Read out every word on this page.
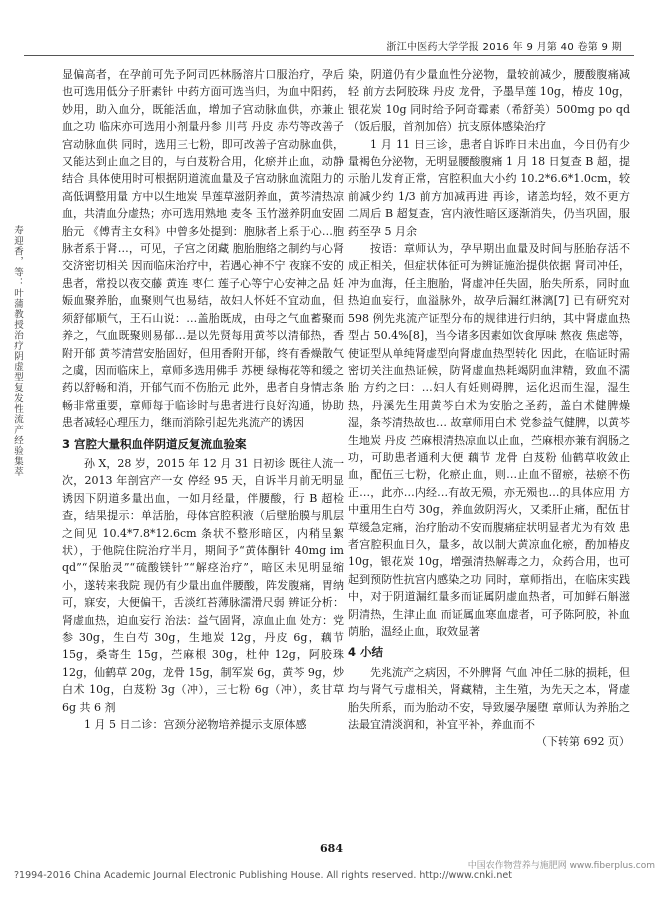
浙江中医药大学学报 2016 年 9 月第 40 卷第 9 期
寿迎香，等：叶蒲教授治疗阴虚型复发性流产经验集萃

显偏高者，在孕前可先予阿司匹林肠溶片口服治疗，孕后也可选用低分子肝素针 中药方面可选当归，为血中阳药，妙用，助入血分，既能活血，增加子宫动脉血供，亦兼止血之功 临床亦可选用小剂量丹参 川芎 丹皮 赤芍等改善子宫动脉血供 同时，选用三七粉，即可改善子宫动脉血供，又能达到止血之目的，与白芨粉合用，化瘀并止血，动静结合 具体使用时可根据阴道流血量及子宫动脉血流阻力的高低调整用量 方中以生地炭 旱莲草滋阴养血，黄芩清热凉血，共清血分虚热；亦可选用熟地 麦冬 玉竹滋养阴血安固胎元 《傅青主女科》中曾多处提到：胞脉者上系于心…胞脉者系于肾…，可见，子宫之闭藏 胞胎胞络之制约与心肾交济密切相关 因而临床治疗中，若遇心神不宁 夜寐不安的患者，常投以夜交藤 黄连 枣仁 莲子心等宁心安神之品 妊娠血聚养胎，血聚则气也易结，故妇人怀妊不宜动血，但须舒郁顺气，王石山说：…盖胎既成，由母之气血蓄聚而养之，气血既聚则易郁…是以先贤每用黄芩以清郁热，香附开郁 黄芩清营安胎固好，但用香附开郁，终有香燥散气之虞，因而临床上，章师多选用佛手 苏梗 绿梅花等和缓之药以舒畅和消，开郁气而不伤胎元 此外，患者自身情志条畅非常重要，章师每于临诊时与患者进行良好沟通，协助患者减轻心理压力，继而消除引起先兆流产的诱因

3 宫腔大量积血伴阴道反复流血验案

孙 X，28 岁，2015 年 12 月 31 日初诊 既往人流一次，2013 年剖宫产一女 停经 95 天，自诉半月前无明显诱因下阴道多量出血，一如月经量，伴腰酸，行 B 超检查，结果提示：单活胎，母体宫腔积液（后壁胎膜与肌层之间见 10.4*7.8*12.6cm 条状不整形暗区，内稍呈絮状），于他院住院治疗半月，期间予“黄体酮针 40mg im qd”“保胎灵”“硫酸镁针”“解痉治疗”，暗区未见明显缩小，遂转来我院 现仍有少量出血伴腰酸，阵发腹痛，胃纳可，寐安，大便偏干，舌淡红苔薄脉濡滑尺弱 辨证分析：肾虚血热，迫血妄行 治法：益气固肾，凉血止血 处方：党参 30g，生白芍 30g，生地炭 12g，丹皮 6g，藕节 15g，桑寄生 15g，苎麻根 30g，杜仲 12g，阿胶珠 12g，仙鹤草 20g，龙骨 15g，制军炭 6g，黄芩 9g，炒白术 10g，白芨粉 3g（冲），三七粉 6g（冲），炙甘草 6g 共 6 剂

1 月 5 日二诊：宫颈分泌物培养提示支原体感

染，阴道仍有少量血性分泌物，量较前减少，腰酸腹痛减轻 前方去阿胶珠 丹皮 龙骨，予墨旱莲 10g，椿皮 10g，银花炭 10g 同时给予阿奇霉素（希舒美）500mg po qd（饭后服，首剂加倍）抗支原体感染治疗

1 月 11 日三诊，患者自诉昨日未出血，今日仍有少量褐色分泌物，无明显腰酸腹痛 1 月 18 日复查 B 超，提示胎儿发育正常，宫腔积血大小约 10.2*6.6*1.0cm，较前减少约 1/3 前方加减再进 再诊，诸恙均轻，效不更方 二周后 B 超复查，宫内液性暗区逐渐消失，仍当巩固，服药至孕 5 月余

按语：章师认为，孕早期出血量及时间与胚胎存活不成正相关，但症状体征可为辨证施治提供依据 肾司冲任，冲为血海，任主胞胎，肾虚冲任失固，胎失所系，同时血热迫血妄行，血溢脉外，故孕后漏红淋漓[7] 已有研究对 598 例先兆流产证型分布的规律进行归纳，其中肾虚血热型占 50.4%[8]，当今诸多因素如饮食厚味 熬夜 焦虑等，使证型从单纯肾虚型向肾虚血热型转化 因此，在临证时需密切关注血热证候，防肾虚血热耗竭阴血津精，致血不濡胎 方约之曰：…妇人有妊则碍脾，运化迟而生湿，湿生热，丹溪先生用黄芩白术为安胎之圣药，盖白术健脾燥湿，条芩清热故也… 故章师用白术 党参益气健脾，以黄芩 生地炭 丹皮 苎麻根清热凉血以止血，苎麻根亦兼有润肠之功，可助患者通利大便 藕节 龙骨 白芨粉 仙鹤草收敛止血，配伍三七粉，化瘀止血，则…止血不留瘀，祛瘀不伤正…，此亦…内经…有故无殒，亦无殒也…的具体应用 方中重用生白芍 30g，养血敛阴泻火，又柔肝止痛，配伍甘草缓急定痛，治疗胎动不安而腹痛症状明显者尤为有效 患者宫腔积血日久，量多，故以制大黄凉血化瘀，酌加椿皮 10g，银花炭 10g，增强清热解毒之力，众药合用，也可起到预防性抗宫内感染之功 同时，章师指出，在临床实践中，对于阴道漏红量多而证属阴虚血热者，可加鲜石斛滋阴清热，生津止血 而证属血寒血虚者，可予陈阿胶，补血荫胎，温经止血，取效显著

4 小结

先兆流产之病因，不外脾肾 气血 冲任二脉的损耗，但均与肾气亏虚相关，肾藏精，主生殖，为先天之本，肾虚胎失所系，而为胎动不安，导致屡孕屡堕 章师认为养胎之法最宜清淡润和，补宜平补，养血而不

（下转第 692 页）

684
?1994-2016 China Academic Journal Electronic Publishing House. All rights reserved. http://www.cnki.net
中国农作物营养与施肥网 www.fiberplus.com
